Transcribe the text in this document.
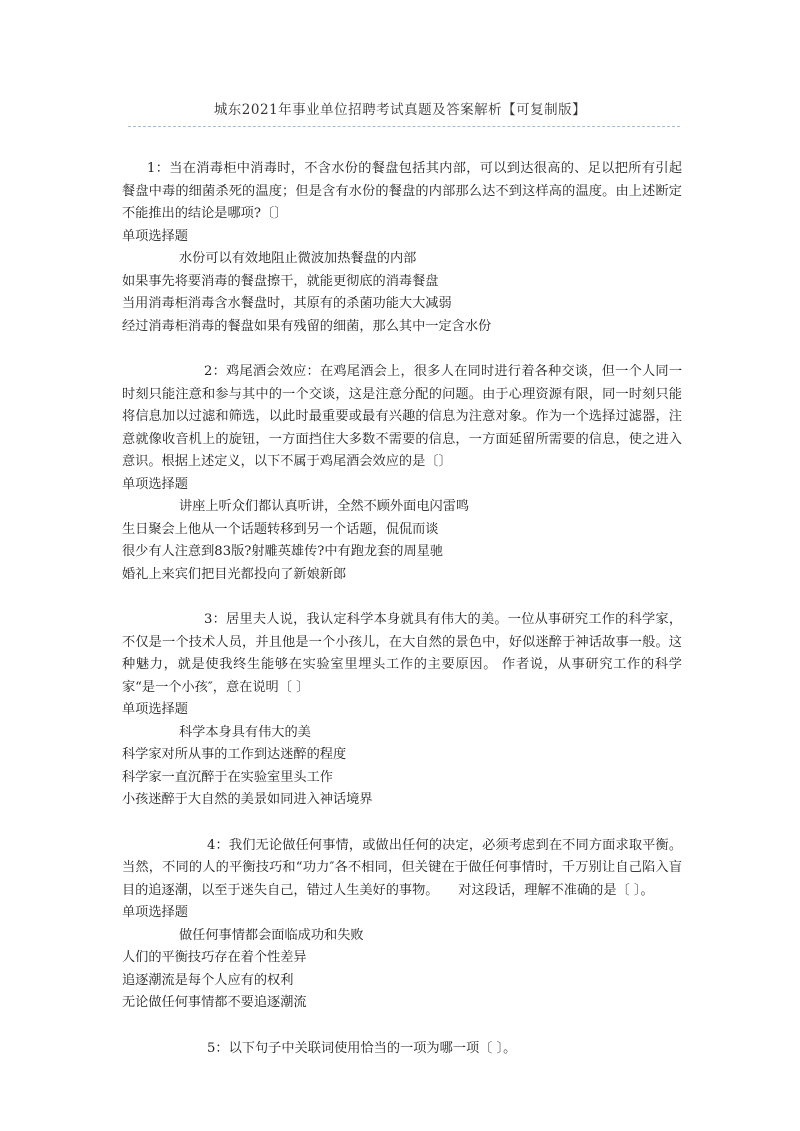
城东2021年事业单位招聘考试真题及答案解析【可复制版】

1：当在消毒柜中消毒时，不含水份的餐盘包括其内部，可以到达很高的、足以把所有引起餐盘中毒的细菌杀死的温度；但是含有水份的餐盘的内部那么达不到这样高的温度。由上述断定不能推出的结论是哪项?〔〕

单项选择题

水份可以有效地阻止微波加热餐盘的内部

如果事先将要消毒的餐盘擦干，就能更彻底的消毒餐盘

当用消毒柜消毒含水餐盘时，其原有的杀菌功能大大减弱

经过消毒柜消毒的餐盘如果有残留的细菌，那么其中一定含水份

2：鸡尾酒会效应：在鸡尾酒会上，很多人在同时进行着各种交谈，但一个人同一时刻只能注意和参与其中的一个交谈，这是注意分配的问题。由于心理资源有限，同一时刻只能将信息加以过滤和筛选，以此时最重要或最有兴趣的信息为注意对象。作为一个选择过滤器，注意就像收音机上的旋钮，一方面挡住大多数不需要的信息，一方面延留所需要的信息，使之进入意识。根据上述定义，以下不属于鸡尾酒会效应的是〔〕

单项选择题

讲座上听众们都认真听讲，全然不顾外面电闪雷鸣

生日聚会上他从一个话题转移到另一个话题，侃侃而谈

很少有人注意到83版?射雕英雄传?中有跑龙套的周星驰

婚礼上来宾们把目光都投向了新娘新郎

3：居里夫人说，我认定科学本身就具有伟大的美。一位从事研究工作的科学家，不仅是一个技术人员，并且他是一个小孩儿，在大自然的景色中，好似迷醉于神话故事一般。这种魅力，就是使我终生能够在实验室里埋头工作的主要原因。 作者说，从事研究工作的科学家“是一个小孩″，意在说明〔 〕

单项选择题

科学本身具有伟大的美

科学家对所从事的工作到达迷醉的程度

科学家一直沉醉于在实验室里头工作

小孩迷醉于大自然的美景如同进入神话境界

4：我们无论做任何事情，或做出任何的决定，必须考虑到在不同方面求取平衡。当然，不同的人的平衡技巧和“功力″各不相同，但关键在于做任何事情时，千万别让自己陷入盲目的追逐潮，以至于迷失自己，错过人生美好的事物。　　对这段话，理解不准确的是〔 〕。

单项选择题

做任何事情都会面临成功和失败

人们的平衡技巧存在着个性差异

追逐潮流是每个人应有的权利

无论做任何事情都不要追逐潮流

5：以下句子中关联词使用恰当的一项为哪一项〔 〕。
